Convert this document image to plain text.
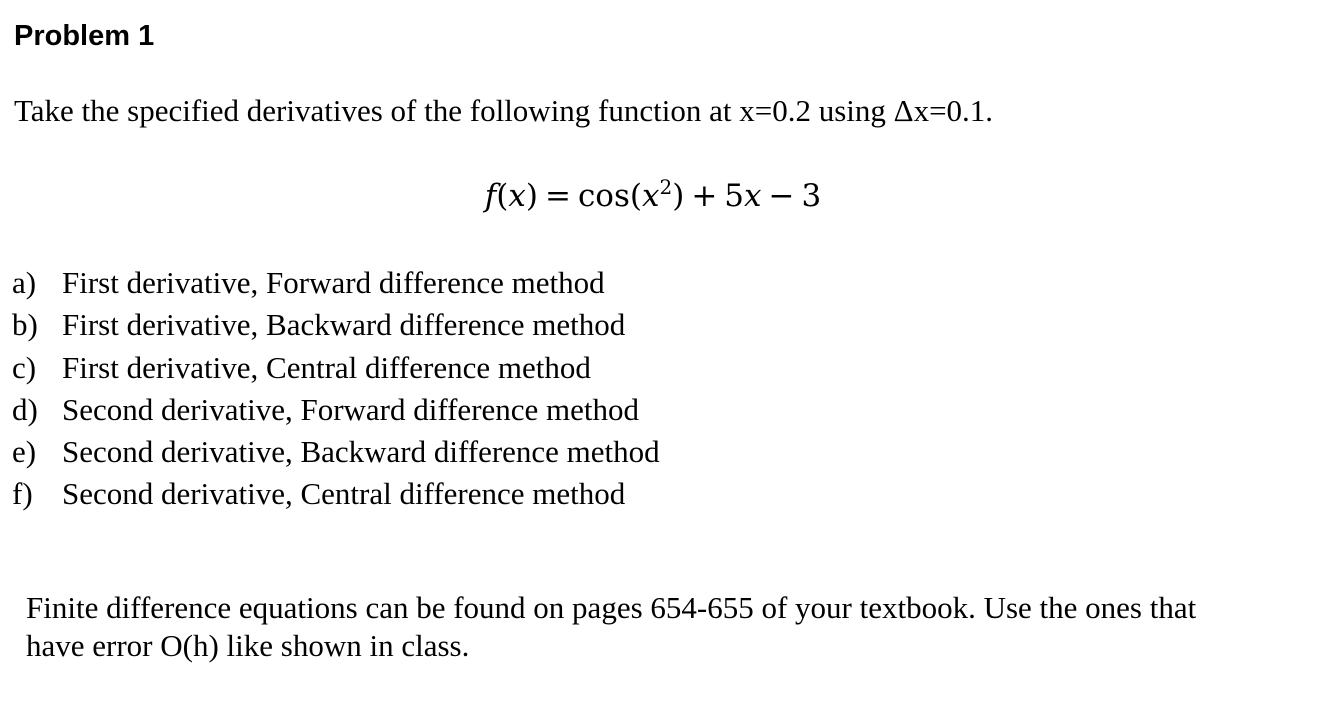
Problem 1
Take the specified derivatives of the following function at x=0.2 using Δx=0.1.
$f(x) = \cos(x^2) + 5x - 3$
a) First derivative, Forward difference method
b) First derivative, Backward difference method
c) First derivative, Central difference method
d) Second derivative, Forward difference method
e) Second derivative, Backward difference method
f) Second derivative, Central difference method
Finite difference equations can be found on pages 654-655 of your textbook. Use the ones that
have error O(h) like shown in class.
